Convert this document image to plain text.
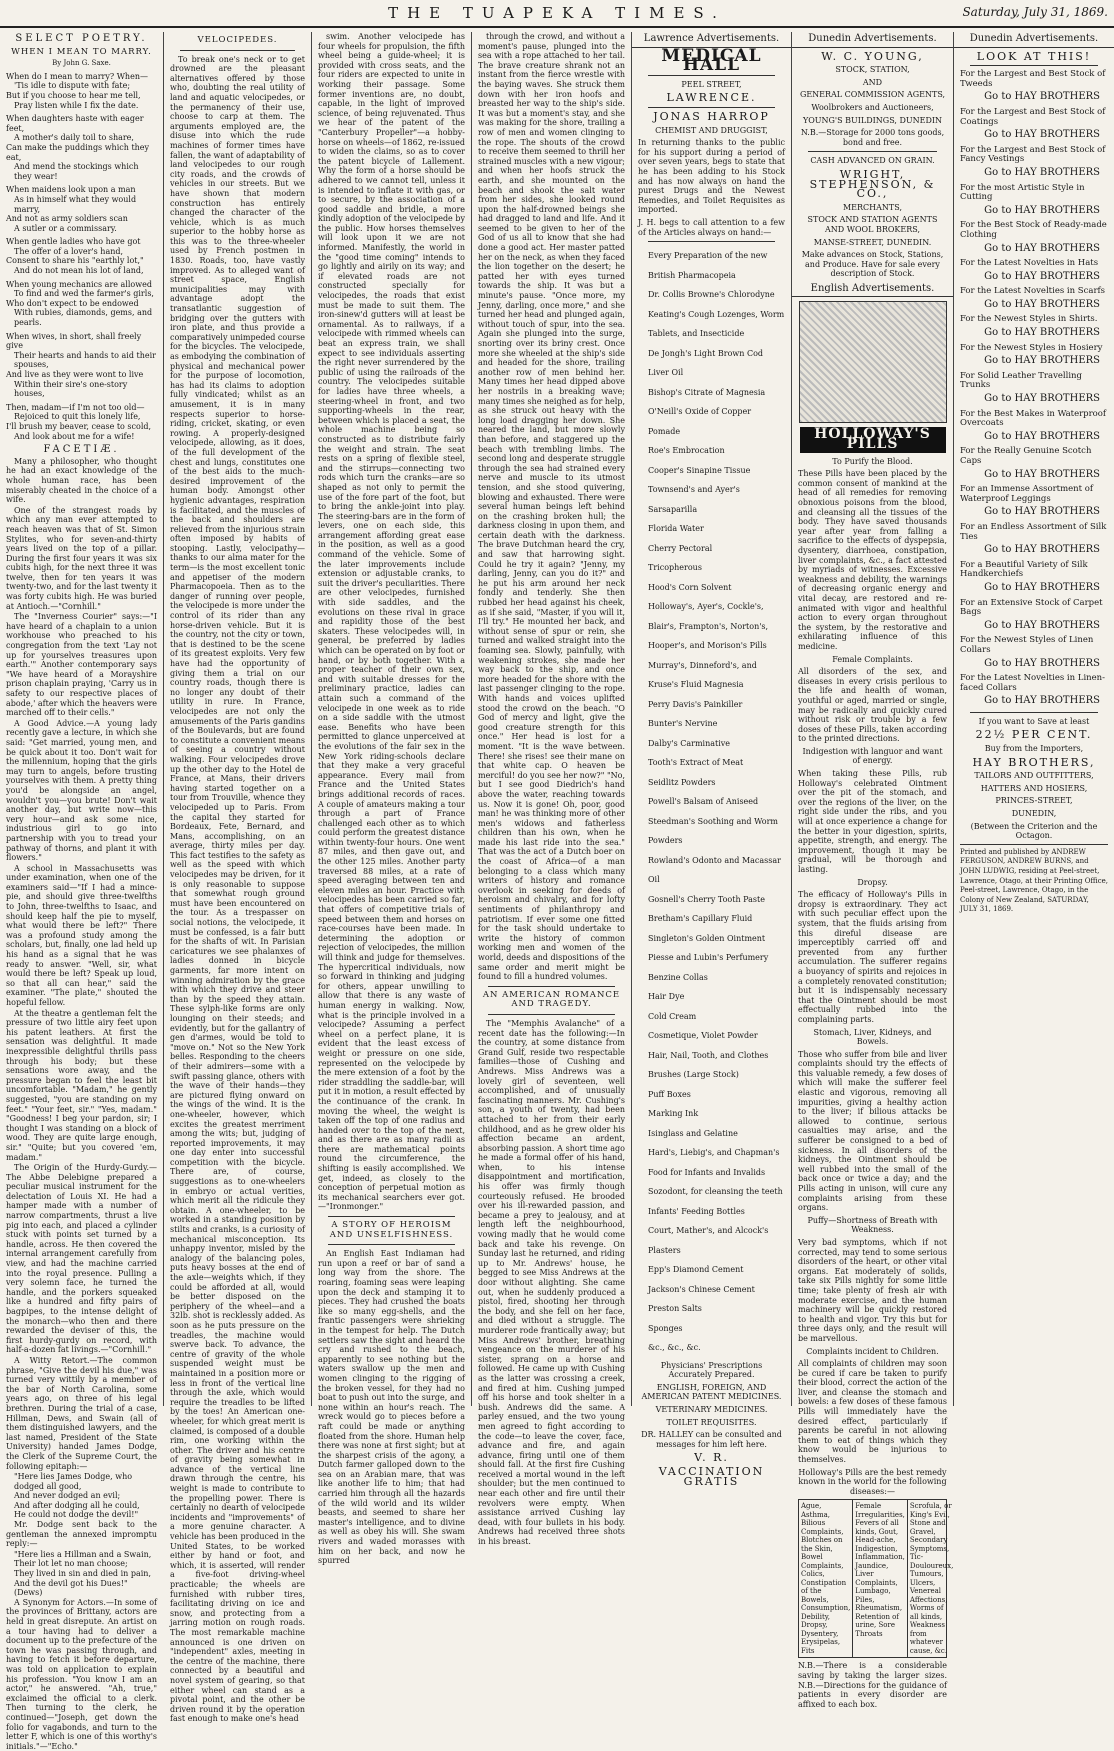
THE TUAPEKA TIMES.	Saturday, July 31, 1869.
SELECT POETRY.
WHEN I MEAN TO MARRY.
By John G. Saxe.
When do I mean to marry? When—
'Tis idle to dispute with fate;
But if you choose to hear me tell,
Pray listen while I fix the date.
When daughters haste with eager feet,
A mother's daily toil to share,
Can make the puddings which they eat,
And mend the stockings which they wear!
When maidens look upon a man
As in himself what they would marry,
And not as army soldiers scan
A sutler or a commissary.
When gentle ladies who have got
The offer of a lover's hand,
Consent to share his "earthly lot,"
And do not mean his lot of land,
When young mechanics are allowed
To find and wed the farmer's girls,
Who don't expect to be endowed
With rubies, diamonds, gems, and pearls.
When wives, in short, shall freely give
Their hearts and hands to aid their spouses,
And live as they were wont to live
Within their sire's one-story houses,
Then, madam—if I'm not too old—
Rejoiced to quit this lonely life,
I'll brush my beaver, cease to scold,
And look about me for a wife!
FACETIÆ.

Many a philosopher, who thought he had an exact knowledge of the whole human race, has been miserably cheated in the choice of a wife.

One of the strangest roads by which any man ever attempted to reach heaven was that of St. Simon Stylites, who for seven-and-thirty years lived on the top of a pillar. During the first four years it was six cubits high, for the next three it was twelve, then for ten years it was twenty-two, and for the last twenty it was forty cubits high. He was buried at Antioch.—"Cornhill."

The "Inverness Courier" says:—"I have heard of a chaplain to a union workhouse who preached to his congregation from the text 'Lay not up for yourselves treasures upon earth.'" Another contemporary says "We have heard of a Morayshire prison chaplain praying, 'Carry us in safety to our respective places of abode,' after which the heavers were marched off to their cells."

A Good Advice.—A young lady recently gave a lecture, in which she said: "Get married, young men, and be quick about it too. Don't wait for the millennium, hoping that the girls may turn to angels, before trusting yourselves with them. A pretty thing you'd be alongside an angel, wouldn't you—you brute! Don't wait another day, but write now—this very hour—and ask some nice, industrious girl to go into partnership with you to tread your pathway of thorns, and plant it with flowers."

A school in Massachusetts was under examination, when one of the examiners said—"If I had a mince-pie, and should give three-twelfths to John, three-twelfths to Isaac, and should keep half the pie to myself, what would there be left?" There was a profound study among the scholars, but, finally, one lad held up his hand as a signal that he was ready to answer. "Well, sir, what would there be left? Speak up loud, so that all can hear," said the examiner. "The plate," shouted the hopeful fellow.

At the theatre a gentleman felt the pressure of two little airy feet upon his patent leathers. At first the sensation was delightful. It made inexpressible delightful thrills pass through his body; but these sensations wore away, and the pressure began to feel the least bit uncomfortable. "Madam," he gently suggested, "you are standing on my feet." "Your feet, sir." "Yes, madam." "Goodness! I beg your pardon, sir; I thought I was standing on a block of wood. They are quite large enough, sir." "Quite; but you covered 'em, madam."

The Origin of the Hurdy-Gurdy.—The Abbe Delebigne prepared a peculiar musical instrument for the delectation of Louis XI. He had a hamper made with a number of narrow compartments, thrust a live pig into each, and placed a cylinder stuck with points set turned by a handle, across. He then covered the internal arrangement carefully from view, and had the machine carried into the royal presence. Pulling a very solemn face, he turned the handle, and the porkers squeaked like a hundred and fifty pairs of bagpipes, to the intense delight of the monarch—who then and there rewarded the deviser of this, the first hurdy-gurdy on record, with half-a-dozen fat livings.—"Cornhill."

A Witty Retort.—The common phrase, "Give the devil his due," was turned very wittily by a member of the bar of North Carolina, some years ago, on three of his legal brethren. During the trial of a case, Hillman, Dews, and Swain (all of them distinguished lawyers, and the last named, President of the State University) handed James Dodge, the Clerk of the Supreme Court, the following epitaph:—

"Here lies James Dodge, who dodged all good,
And never dodged an evil;
And after dodging all he could,
He could not dodge the devil!"

Mr. Dodge sent back to the gentleman the annexed impromptu reply:—

"Here lies a Hillman and a Swain,
Their lot let no man choose;
They lived in sin and died in pain,
And the devil got his Dues!" (Dews)

A Synonym for Actors.—In some of the provinces of Brittany, actors are held in great disrepute. An artist on a tour having had to deliver a document up to the prefecture of the town he was passing through, and having to fetch it before departure, was told on application to explain his profession. "You know I am an actor," he answered. "Ah, true," exclaimed the official to a clerk. Then turning to the clerk, he continued—"Joseph, get down the folio for vagabonds, and turn to the letter F, which is one of this worthy's initials."—"Echo."

VELOCIPEDES.

To break one's neck or to get drowned are the pleasant alternatives offered by those who, doubting the real utility of land and aquatic velocipedes, or the permanency of their use, choose to carp at them. The arguments employed are, the disuse into which the rude machines of former times have fallen, the want of adaptability of land velocipedes to our rough city roads, and the crowds of vehicles in our streets. But we have shown that modern construction has entirely changed the character of the vehicle, which is as much superior to the hobby horse as this was to the three-wheeler used by French postmen in 1830. Roads, too, have vastly improved. As to alleged want of street space, English municipalities may with advantage adopt the transatlantic suggestion of bridging over the gutters with iron plate, and thus provide a comparatively unimpeded course for the bicycles. The velocipede, as embodying the combination of physical and mechanical power for the purpose of locomotion, has had its claims to adoption fully vindicated; whilst as an amusement, it is in many respects superior to horse-riding, cricket, skating, or even rowing. A properly-designed velocipede, allowing, as it does, of the full development of the chest and lungs, constitutes one of the best aids to the much-desired improvement of the human body. Amongst other hygienic advantages, respiration is facilitated, and the muscles of the back and shoulders are relieved from the injurious strain often imposed by habits of stooping. Lastly, velocipathy—thanks to our alma mater for the term—is the most excellent tonic and appetiser of the modern Pharmacopoeia. Then as to the danger of running over people, the velocipede is more under the control of its rider than any horse-driven vehicle. But it is the country, not the city or town, that is destined to be the scene of its greatest exploits. Very few have had the opportunity of giving them a trial on our country roads, though there is no longer any doubt of their utility in rure. In France, velocipedes are not only the amusements of the Paris gandins of the Boulevards, but are found to constitute a convenient means of seeing a country without walking. Four velocipedes drove up the other day to the Hotel de France, at Mans, their drivers having started together on a tour from Trouville, whence they velocipeded up to Paris. From the capital they started for Bordeaux, Fete, Bernard, and Mans, accomplishing, on an average, thirty miles per day. This fact testifies to the safety as well as the speed with which velocipedes may be driven, for it is only reasonable to suppose that somewhat rough ground must have been encountered on the tour. As a trespasser on social notions, the velocipede, it must be confessed, is a fair butt for the shafts of wit. In Parisian caricatures we see phalanxes of ladies donned in bicycle garments, far more intent on winning admiration by the grace with which they drive and steer than by the speed they attain. These sylph-like forms are only lounging on their steeds; and evidently, but for the gallantry of gen d'armes, would be told to "move on." Not so the New York belles. Responding to the cheers of their admirers—some with a swift passing glance, others with the wave of their hands—they are pictured flying onward on the wings of the wind. It is the one-wheeler, however, which excites the greatest merriment among the wits; but, judging of reported improvements, it may one day enter into successful competition with the bicycle. There are, of course, suggestions as to one-wheelers in embryo or actual verities, which merit all the ridicule they obtain. A one-wheeler, to be worked in a standing position by stilts and cranks, is a curiosity of mechanical misconception. Its unhappy inventor, misled by the analogy of the balancing poles, puts heavy bosses at the end of the axle—weights which, if they could be afforded at all, would be better disposed on the periphery of the wheel—and a 32lb. shot is recklessly added. As soon as he puts pressure on the treadles, the machine would swerve back. To advance, the centre of gravity of the whole suspended weight must be maintained in a position more or less in front of the vertical line through the axle, which would require the treadles to be lifted by the toes! An American one-wheeler, for which great merit is claimed, is composed of a double rim, one working within the other. The driver and his centre of gravity being somewhat in advance of the vertical line drawn through the centre, his weight is made to contribute to the propelling power. There is certainly no dearth of velocipede incidents and "improvements" of a more genuine character. A vehicle has been produced in the United States, to be worked either by hand or foot, and which, it is asserted, will render a five-foot driving-wheel practicable; the wheels are furnished with rubber tires, facilitating driving on ice and snow, and protecting from a jarring motion on rough roads. The most remarkable machine announced is one driven on "independent" axles, meeting in the centre of the machine, there connected by a beautiful and novel system of gearing, so that either wheel can stand as a pivotal point, and the other be driven round it by the operation fast enough to make one's head

swim. Another velocipede has four wheels for propulsion, the fifth wheel being a guide-wheel; it is provided with cross seats, and the four riders are expected to unite in working their passage. Some former inventions are, no doubt, capable, in the light of improved science, of being rejuvenated. Thus we hear of the patent of the "Canterbury Propeller"—a hobby-horse on wheels—of 1862, re-issued to widen the claims, so as to cover the patent bicycle of Lallement. Why the form of a horse should be adhered to we cannot tell, unless it is intended to inflate it with gas, or to secure, by the association of a good saddle and bridle, a more kindly adoption of the velocipede by the public. How horses themselves will look upon it we are not informed. Manifestly, the world in the "good time coming" intends to go lightly and airily on its way; and if elevated roads are not constructed specially for velocipedes, the roads that exist must be made to suit them. The iron-sinew'd gutters will at least be ornamental. As to railways, if a velocipede with rimmed wheels can beat an express train, we shall expect to see individuals asserting the right never surrendered by the public of using the railroads of the country. The velocipedes suitable for ladies have three wheels, a steering-wheel in front, and two supporting-wheels in the rear, between which is placed a seat, the whole machine being so constructed as to distribute fairly the weight and strain. The seat rests on a spring of flexible steel, and the stirrups—connecting two rods which turn the cranks—are so shaped as not only to permit the use of the fore part of the foot, but to bring the ankle-joint into play. The steering-bars are in the form of levers, one on each side, this arrangement affording great ease in the position, as well as a good command of the vehicle. Some of the later improvements include extension or adjustable cranks, to suit the driver's peculiarities. There are other velocipedes, furnished with side saddles, and the evolutions on these rival in grace and rapidity those of the best skaters. These velocipedes will, in general, be preferred by ladies which can be operated on by foot or hand, or by both together. With a proper teacher of their own sex, and with suitable dresses for the preliminary practice, ladies can attain such a command of the velocipede in one week as to ride on a side saddle with the utmost ease. Benefits who have been permitted to glance unperceived at the evolutions of the fair sex in the New York riding-schools declare that they make a very graceful appearance. Every mail from France and the United States brings additional records of races. A couple of amateurs making a tour through a part of France challenged each other as to which could perform the greatest distance within twenty-four hours. One went 87 miles, and then gave out, and the other 125 miles. Another party traversed 88 miles, at a rate of speed averaging between ten and eleven miles an hour. Practice with velocipedes has been carried so far, that offers of competitive trials of speed between them and horses on race-courses have been made. In determining the adoption or rejection of velocipedes, the million will think and judge for themselves. The hypercritical individuals, now so forward in thinking and judging for others, appear unwilling to allow that there is any waste of human energy in walking. Now, what is the principle involved in a velocipede? Assuming a perfect wheel on a perfect plane, it is evident that the least excess of weight or pressure on one side, represented on the velocipede by the mere extension of a foot by the rider straddling the saddle-bar, will put it in motion, a result effected by the continuance of the crank. In moving the wheel, the weight is taken off the top of one radius and handed over to the top of the next, and as there are as many radii as there are mathematical points round the circumference, the shifting is easily accomplished. We get, indeed, as closely to the conception of perpetual motion as its mechanical searchers ever got.—"Ironmonger."

A STORY OF HEROISM AND UNSELFISHNESS.

An English East Indiaman had run upon a reef or bar of sand a long way from the shore. The roaring, foaming seas were leaping upon the deck and stamping it to pieces. They had crushed the boats like so many egg-shells, and the frantic passengers were shrieking in the tempest for help. The Dutch settlers saw the sight and heard the cry and rushed to the beach, apparently to see nothing but the waters swallow up the men and women clinging to the rigging of the broken vessel, for they had no boat to push out into the surge, and none within an hour's reach. The wreck would go to pieces before a raft could be made or anything floated from the shore. Human help there was none at first sight; but at the sharpest crisis of the agony, a Dutch farmer galloped down to the sea on an Arabian mare, that was like another life to him; that had carried him through all the hazards of the wild world and its wilder beasts, and seemed to share her master's intelligence, and to divine as well as obey his will. She swam rivers and waded morasses with him on her back, and now he spurred

through the crowd, and without a moment's pause, plunged into the sea with a rope attached to her tail. The brave creature shrank not an instant from the fierce wrestle with the baying waves. She struck them down with her iron hoofs and breasted her way to the ship's side. It was but a moment's stay, and she was making for the shore, trailing a row of men and women clinging to the rope. The shouts of the crowd to receive them seemed to thrill her strained muscles with a new vigour; and when her hoofs struck the earth, and she mounted on the beach and shook the salt water from her sides, she looked round upon the half-drowned beings she had dragged to land and life. And it seemed to be given to her of the God of us all to know that she had done a good act. Her master patted her on the neck, as when they faced the lion together on the desert; he patted her with eyes turned towards the ship. It was but a minute's pause. "Once more, my Jenny, darling, once more," and she turned her head and plunged again, without touch of spur, into the sea. Again she plunged into the surge, snorting over its briny crest. Once more she wheeled at the ship's side and headed for the shore, trailing another row of men behind her. Many times her head dipped above her nostrils in a breaking wave; many times she neighed as for help, as she struck out heavy with the long load dragging her down. She neared the land, but more slowly than before, and staggered up the beach with trembling limbs. The second long and desperate struggle through the sea had strained every nerve and muscle to its utmost tension, and she stood quivering, blowing and exhausted. There were several human beings left behind on the crashing broken hull; the darkness closing in upon them, and certain death with the darkness. The brave Dutchman heard the cry, and saw that harrowing sight. Could he try it again? "Jenny, my darling, Jenny, can you do it?" and he put his arm around her neck fondly and tenderly. She then rubbed her head against his cheek, as if she said, "Master, if you will it, I'll try." He mounted her back, and without sense of spur or rein, she turned and walked straight into the foaming sea. Slowly, painfully, with weakening strokes, she made her way back to the ship, and once more headed for the shore with the last passenger clinging to the rope. With hands and voices uplifted stood the crowd on the beach. "O God of mercy and light, give the good creature strength for this once." Her head is lost for a moment. "It is the wave between. There! she rises! see their mane on that white cap. O heaven be merciful! do you see her now?" "No, but I see good Diedrich's hand above the water, reaching towards us. Now it is gone! Oh, poor, good man! he was thinking more of other men's widows and fatherless children than his own, when he made his last ride into the sea." That was the act of a Dutch boer on the coast of Africa—of a man belonging to a class which many writers of history and romance overlook in seeking for deeds of heroism and chivalry, and for lofty sentiments of philanthropy and patriotism. If ever some one fitted for the task should undertake to write the history of common working men and women of the world, deeds and dispositions of the same order and merit might be found to fill a hundred volumes.

AN AMERICAN ROMANCE AND TRAGEDY.

The "Memphis Avalanche" of a recent date has the following:—In the country, at some distance from Grand Gulf, reside two respectable families—those of Cushing and Andrews. Miss Andrews was a lovely girl of seventeen, well accomplished, and of unusually fascinating manners. Mr. Cushing's son, a youth of twenty, had been attached to her from their early childhood, and as he grew older his affection became an ardent, absorbing passion. A short time ago he made a formal offer of his hand, when, to his intense disappointment and mortification, his offer was firmly though courteously refused. He brooded over his ill-rewarded passion, and became a prey to jealousy, and at length left the neighbourhood, vowing madly that he would come back and take his revenge. On Sunday last he returned, and riding up to Mr. Andrews' house, he begged to see Miss Andrews at the door without alighting. She came out, when he suddenly produced a pistol, fired, shooting her through the body, and she fell on her face, and died without a struggle. The murderer rode frantically away; but Miss Andrews' brother, breathing vengeance on the murderer of his sister, sprang on a horse and followed. He came up with Cushing as the latter was crossing a creek, and fired at him. Cushing jumped off his horse and took shelter in a bush. Andrews did the same. A parley ensued, and the two young men agreed to fight according to the code—to leave the cover, face, advance and fire, and again advance, firing until one of them should fall. At the first fire Cushing received a mortal wound in the left shoulder; but the men continued to near each other and fire until their revolvers were empty. When assistance arrived Cushing lay dead, with four bullets in his body. Andrews had received three shots in his breast.

Lawrence Advertisements.
MEDICAL HALL
PEEL STREET,
LAWRENCE.
JONAS HARROP
CHEMIST AND DRUGGIST,
In returning thanks to the public for his support during a period of over seven years, begs to state that he has been adding to his Stock and has now always on hand the purest Drugs and the Newest Remedies, and Toilet Requisites as imported.
J. H. begs to call attention to a few of the Articles always on hand:—
Every Preparation of the new British Pharmacopeia
Dr. Collis Browne's Chlorodyne
Keating's Cough Lozenges, Worm Tablets, and Insecticide
De Jongh's Light Brown Cod Liver Oil
Bishop's Citrate of Magnesia
O'Neill's Oxide of Copper Pomade
Roe's Embrocation
Cooper's Sinapine Tissue
Townsend's and Ayer's Sarsaparilla
Florida Water
Cherry Pectoral
Tricopherous
Hood's Corn Solvent
Holloway's, Ayer's, Cockle's, Blair's, Frampton's, Norton's, Hooper's, and Morison's Pills
Murray's, Dinneford's, and Kruse's Fluid Magnesia
Perry Davis's Painkiller
Bunter's Nervine
Dalby's Carminative
Tooth's Extract of Meat
Seidlitz Powders
Powell's Balsam of Aniseed
Steedman's Soothing and Worm Powders
Rowland's Odonto and Macassar Oil
Gosnell's Cherry Tooth Paste
Bretham's Capillary Fluid
Singleton's Golden Ointment
Piesse and Lubin's Perfumery
Benzine Collas
Hair Dye
Cold Cream
Cosmetique, Violet Powder
Hair, Nail, Tooth, and Clothes Brushes (Large Stock)
Puff Boxes
Marking Ink
Isinglass and Gelatine
Hard's, Liebig's, and Chapman's Food for Infants and Invalids
Sozodont, for cleansing the teeth
Infants' Feeding Bottles
Court, Mather's, and Alcock's Plasters
Epp's Diamond Cement
Jackson's Chinese Cement
Preston Salts
Sponges
&c., &c., &c.
Physicians' Prescriptions Accurately Prepared.
ENGLISH, FOREIGN, AND AMERICAN PATENT MEDICINES.
VETERINARY MEDICINES.
TOILET REQUISITES.
DR. HALLEY can be consulted and messages for him left here.
V. R.
VACCINATION GRATIS
Dunedin Advertisements.
W. C. YOUNG,
STOCK, STATION,
AND
GENERAL COMMISSION AGENTS,
Woolbrokers and Auctioneers,
YOUNG'S BUILDINGS, DUNEDIN
N.B.—Storage for 2000 tons goods, bond and free.
CASH ADVANCED ON GRAIN.
WRIGHT, STEPHENSON, & CO.,
MERCHANTS,
STOCK AND STATION AGENTS AND WOOL BROKERS,
MANSE-STREET, DUNEDIN.
Make advances on Stock, Stations, and Produce. Have for sale every description of Stock.
English Advertisements.
HOLLOWAY'S PILLS
To Purify the Blood.
These Pills have been placed by the common consent of mankind at the head of all remedies for removing obnoxious poisons from the blood, and cleansing all the tissues of the body. They have saved thousands year after year from falling a sacrifice to the effects of dyspepsia, dysentery, diarrhoea, constipation, liver complaints, &c., a fact attested by myriads of witnesses. Excessive weakness and debility, the warnings of decreasing organic energy and vital decay, are restored and re-animated with vigor and healthful action to every organ throughout the system, by the restorative and exhilarating influence of this medicine.
Female Complaints.
All disorders of the sex, and diseases in every crisis perilous to the life and health of woman, youthful or aged, married or single, may be radically and quickly cured without risk or trouble by a few doses of these Pills, taken according to the printed directions.
Indigestion with languor and want of energy.
When taking these Pills, rub Holloway's celebrated Ointment over the pit of the stomach, and over the regions of the liver, on the right side under the ribs, and you will at once experience a change for the better in your digestion, spirits, appetite, strength, and energy. The improvement, though it may be gradual, will be thorough and lasting.
Dropsy.
The efficacy of Holloway's Pills in dropsy is extraordinary. They act with such peculiar effect upon the system, that the fluids arising from this direful disease are imperceptibly carried off and prevented from any further accumulation. The sufferer regains a buoyancy of spirits and rejoices in a completely renovated constitution; but it is indispensably necessary that the Ointment should be most effectually rubbed into the complaining parts.
Stomach, Liver, Kidneys, and Bowels.
Those who suffer from bile and liver complaints should try the effects of this valuable remedy, a few doses of which will make the sufferer feel elastic and vigorous, removing all impurities, giving a healthy action to the liver; if bilious attacks be allowed to continue, serious casualties may arise, and the sufferer be consigned to a bed of sickness. In all disorders of the kidneys, the Ointment should be well rubbed into the small of the back once or twice a day; and the Pills acting in unison, will cure any complaints arising from these organs.
Puffy—Shortness of Breath with Weakness.
Very bad symptoms, which if not corrected, may tend to some serious disorders of the heart, or other vital organs. Eat moderately of solids, take six Pills nightly for some little time; take plenty of fresh air with moderate exercise, and the human machinery will be quickly restored to health and vigor. Try this but for three days only, and the result will be marvellous.
Complaints incident to Children.
All complaints of children may soon be cured if care be taken to purify their blood, correct the action of the liver, and cleanse the stomach and bowels: a few doses of these famous Pills will immediately have the desired effect, particularly if parents be careful in not allowing them to eat of things which they know would be injurious to themselves.
Holloway's Pills are the best remedy known in the world for the following diseases:—
Ague, Asthma, Bilious Complaints, Blotches on the Skin, Bowel Complaints, Colics, Constipation of the Bowels, Consumption, Debility, Dropsy, Dysentery, Erysipelas, Fits
Female Irregularities, Fevers of all kinds, Gout, Head-ache, Indigestion, Inflammation, Jaundice, Liver Complaints, Lumbago, Piles, Rheumatism, Retention of urine, Sore Throats
Scrofula, or King's Evil, Stone and Gravel, Secondary Symptoms, Tic-Douloureux, Tumours, Ulcers, Venereal Affections, Worms of all kinds, Weakness from whatever cause, &c.
N.B.—There is a considerable saving by taking the larger sizes. N.B.—Directions for the guidance of patients in every disorder are affixed to each box.
Dunedin Advertisements.
LOOK AT THIS!
For the Largest and Best Stock of Tweeds
Go to HAY BROTHERS
For the Largest and Best Stock of Coatings
Go to HAY BROTHERS
For the Largest and Best Stock of Fancy Vestings
Go to HAY BROTHERS
For the most Artistic Style in Cutting
Go to HAY BROTHERS
For the Best Stock of Ready-made Clothing
Go to HAY BROTHERS
For the Latest Novelties in Hats
Go to HAY BROTHERS
For the Latest Novelties in Scarfs
Go to HAY BROTHERS
For the Newest Styles in Shirts.
Go to HAY BROTHERS
For the Newest Styles in Hosiery
Go to HAY BROTHERS
For Solid Leather Travelling Trunks
Go to HAY BROTHERS
For the Best Makes in Waterproof Overcoats
Go to HAY BROTHERS
For the Really Genuine Scotch Caps
Go to HAY BROTHERS
For an Immense Assortment of Waterproof Leggings
Go to HAY BROTHERS
For an Endless Assortment of Silk Ties
Go to HAY BROTHERS
For a Beautiful Variety of Silk Handkerchiefs
Go to HAY BROTHERS
For an Extensive Stock of Carpet Bags
Go to HAY BROTHERS
For the Newest Styles of Linen Collars
Go to HAY BROTHERS
For the Latest Novelties in Linen-faced Collars
Go to HAY BROTHERS
If you want to Save at least
22½ PER CENT.
Buy from the Importers,
HAY BROTHERS,
TAILORS AND OUTFITTERS,
HATTERS AND HOSIERS,
PRINCES-STREET,
DUNEDIN,
(Between the Criterion and the Octagon.
Printed and published by ANDREW FERGUSON, ANDREW BURNS, and JOHN LUDWIG, residing at Peel-street, Lawrence, Otago, at their Printing Office, Peel-street, Lawrence, Otago, in the Colony of New Zealand, SATURDAY, JULY 31, 1869.
